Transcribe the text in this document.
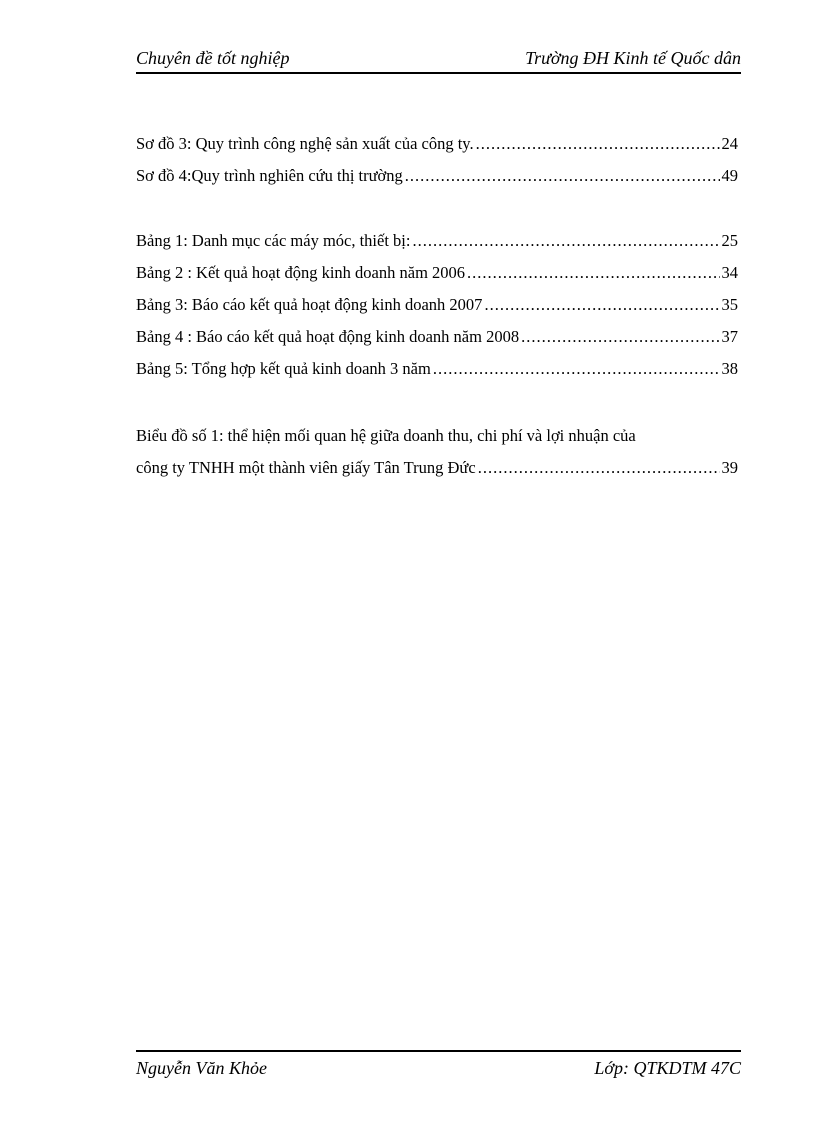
Chuyên đề tốt nghiệp	Trường ĐH Kinh tế Quốc dân
Sơ đồ 3: Quy trình công nghệ sản xuất của công ty. .....	24
Sơ đồ 4:Quy trình nghiên cứu thị trường .....	49
Bảng 1: Danh mục các máy móc, thiết bị: .....	25
Bảng 2 : Kết quả hoạt động kinh doanh năm 2006 .....	34
Bảng 3: Báo cáo kết quả hoạt động kinh doanh 2007 .....	35
Bảng 4 : Báo cáo kết quả hoạt động kinh doanh năm 2008 .....	37
Bảng 5: Tổng hợp kết quả kinh doanh 3 năm .....	38
Biểu đồ số 1: thể hiện mối quan hệ giữa doanh thu, chi phí và lợi nhuận của
công ty TNHH một thành viên giấy Tân Trung Đức .....	39
Nguyễn Văn Khỏe	Lớp: QTKDTM 47C
